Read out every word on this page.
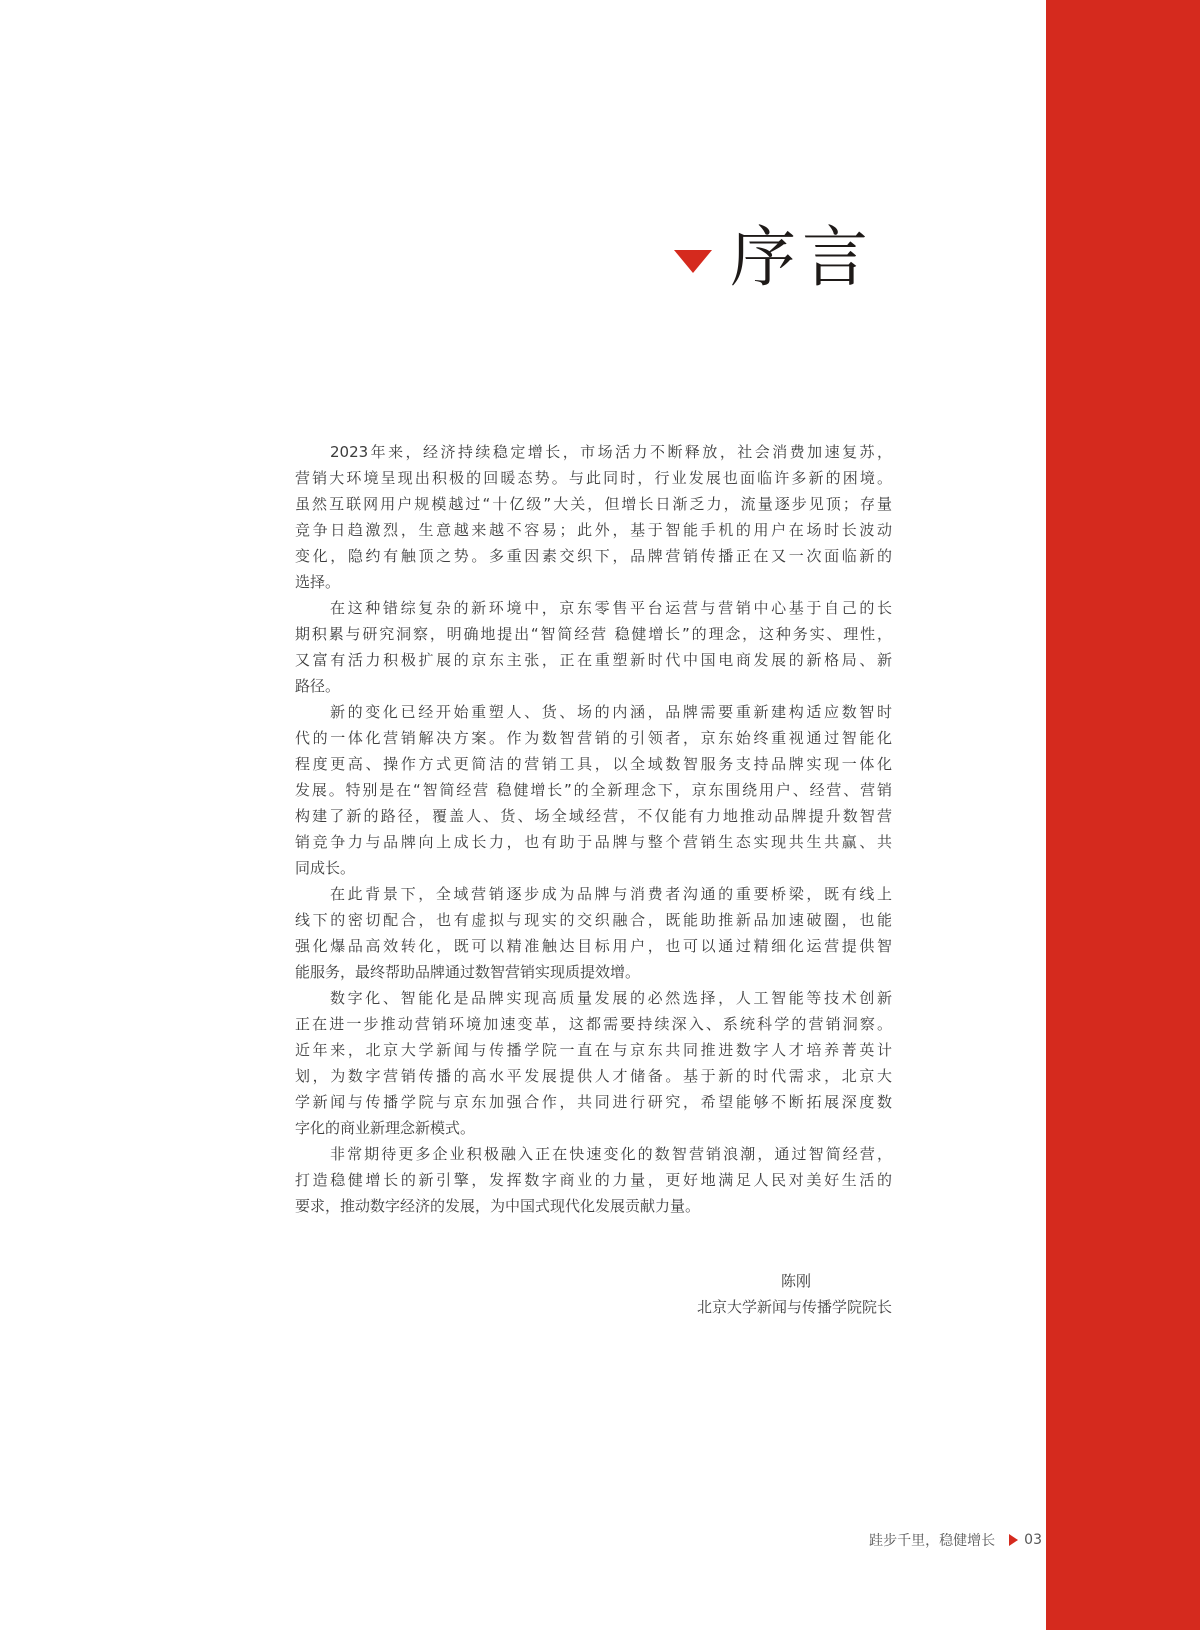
序言
2023年来，经济持续稳定增长，市场活力不断释放，社会消费加速复苏，
营销大环境呈现出积极的回暖态势。与此同时，行业发展也面临许多新的困境。
虽然互联网用户规模越过“十亿级”大关，但增长日渐乏力，流量逐步见顶；存量
竞争日趋激烈，生意越来越不容易；此外，基于智能手机的用户在场时长波动
变化，隐约有触顶之势。多重因素交织下，品牌营销传播正在又一次面临新的
选择。
在这种错综复杂的新环境中，京东零售平台运营与营销中心基于自己的长
期积累与研究洞察，明确地提出“智简经营 稳健增长”的理念，这种务实、理性，
又富有活力积极扩展的京东主张，正在重塑新时代中国电商发展的新格局、新
路径。
新的变化已经开始重塑人、货、场的内涵，品牌需要重新建构适应数智时
代的一体化营销解决方案。作为数智营销的引领者，京东始终重视通过智能化
程度更高、操作方式更简洁的营销工具，以全域数智服务支持品牌实现一体化
发展。特别是在“智简经营 稳健增长”的全新理念下，京东围绕用户、经营、营销
构建了新的路径，覆盖人、货、场全域经营，不仅能有力地推动品牌提升数智营
销竞争力与品牌向上成长力，也有助于品牌与整个营销生态实现共生共赢、共
同成长。
在此背景下，全域营销逐步成为品牌与消费者沟通的重要桥梁，既有线上
线下的密切配合，也有虚拟与现实的交织融合，既能助推新品加速破圈，也能
强化爆品高效转化，既可以精准触达目标用户，也可以通过精细化运营提供智
能服务，最终帮助品牌通过数智营销实现质提效增。
数字化、智能化是品牌实现高质量发展的必然选择，人工智能等技术创新
正在进一步推动营销环境加速变革，这都需要持续深入、系统科学的营销洞察。
近年来，北京大学新闻与传播学院一直在与京东共同推进数字人才培养菁英计
划，为数字营销传播的高水平发展提供人才储备。基于新的时代需求，北京大
学新闻与传播学院与京东加强合作，共同进行研究，希望能够不断拓展深度数
字化的商业新理念新模式。
非常期待更多企业积极融入正在快速变化的数智营销浪潮，通过智简经营，
打造稳健增长的新引擎，发挥数字商业的力量，更好地满足人民对美好生活的
要求，推动数字经济的发展，为中国式现代化发展贡献力量。
陈刚
北京大学新闻与传播学院院长
跬步千里，稳健增长 03
